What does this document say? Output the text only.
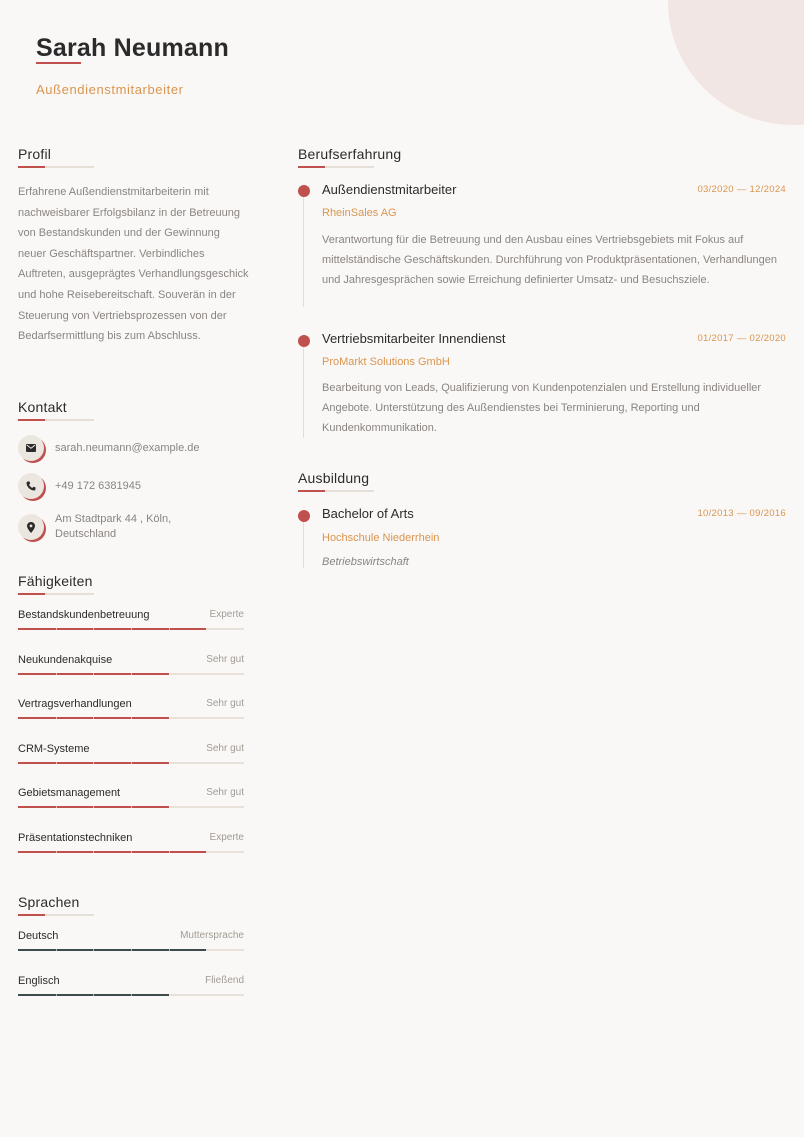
Sarah Neumann
Außendienstmitarbeiter
Profil
Erfahrene Außendienstmitarbeiterin mit nachweisbarer Erfolgsbilanz in der Betreuung von Bestandskunden und der Gewinnung neuer Geschäftspartner. Verbindliches Auftreten, ausgeprägtes Verhandlungsgeschick und hohe Reisebereitschaft. Souverän in der Steuerung von Vertriebsprozessen von der Bedarfsermittlung bis zum Abschluss.
Kontakt
sarah.neumann@example.de
+49 172 6381945
Am Stadtpark 44 , Köln,
Deutschland
Fähigkeiten
Bestandskundenbetreuung	Experte
Neukundenakquise	Sehr gut
Vertragsverhandlungen	Sehr gut
CRM-Systeme	Sehr gut
Gebietsmanagement	Sehr gut
Präsentationstechniken	Experte
Sprachen
Deutsch	Muttersprache
Englisch	Fließend
Berufserfahrung
Außendienstmitarbeiter	03/2020 — 12/2024
RheinSales AG
Verantwortung für die Betreuung und den Ausbau eines Vertriebsgebiets mit Fokus auf mittelständische Geschäftskunden. Durchführung von Produktpräsentationen, Verhandlungen und Jahresgesprächen sowie Erreichung definierter Umsatz- und Besuchsziele.
Vertriebsmitarbeiter Innendienst	01/2017 — 02/2020
ProMarkt Solutions GmbH
Bearbeitung von Leads, Qualifizierung von Kundenpotenzialen und Erstellung individueller Angebote. Unterstützung des Außendienstes bei Terminierung, Reporting und Kundenkommunikation.
Ausbildung
Bachelor of Arts	10/2013 — 09/2016
Hochschule Niederrhein
Betriebswirtschaft
